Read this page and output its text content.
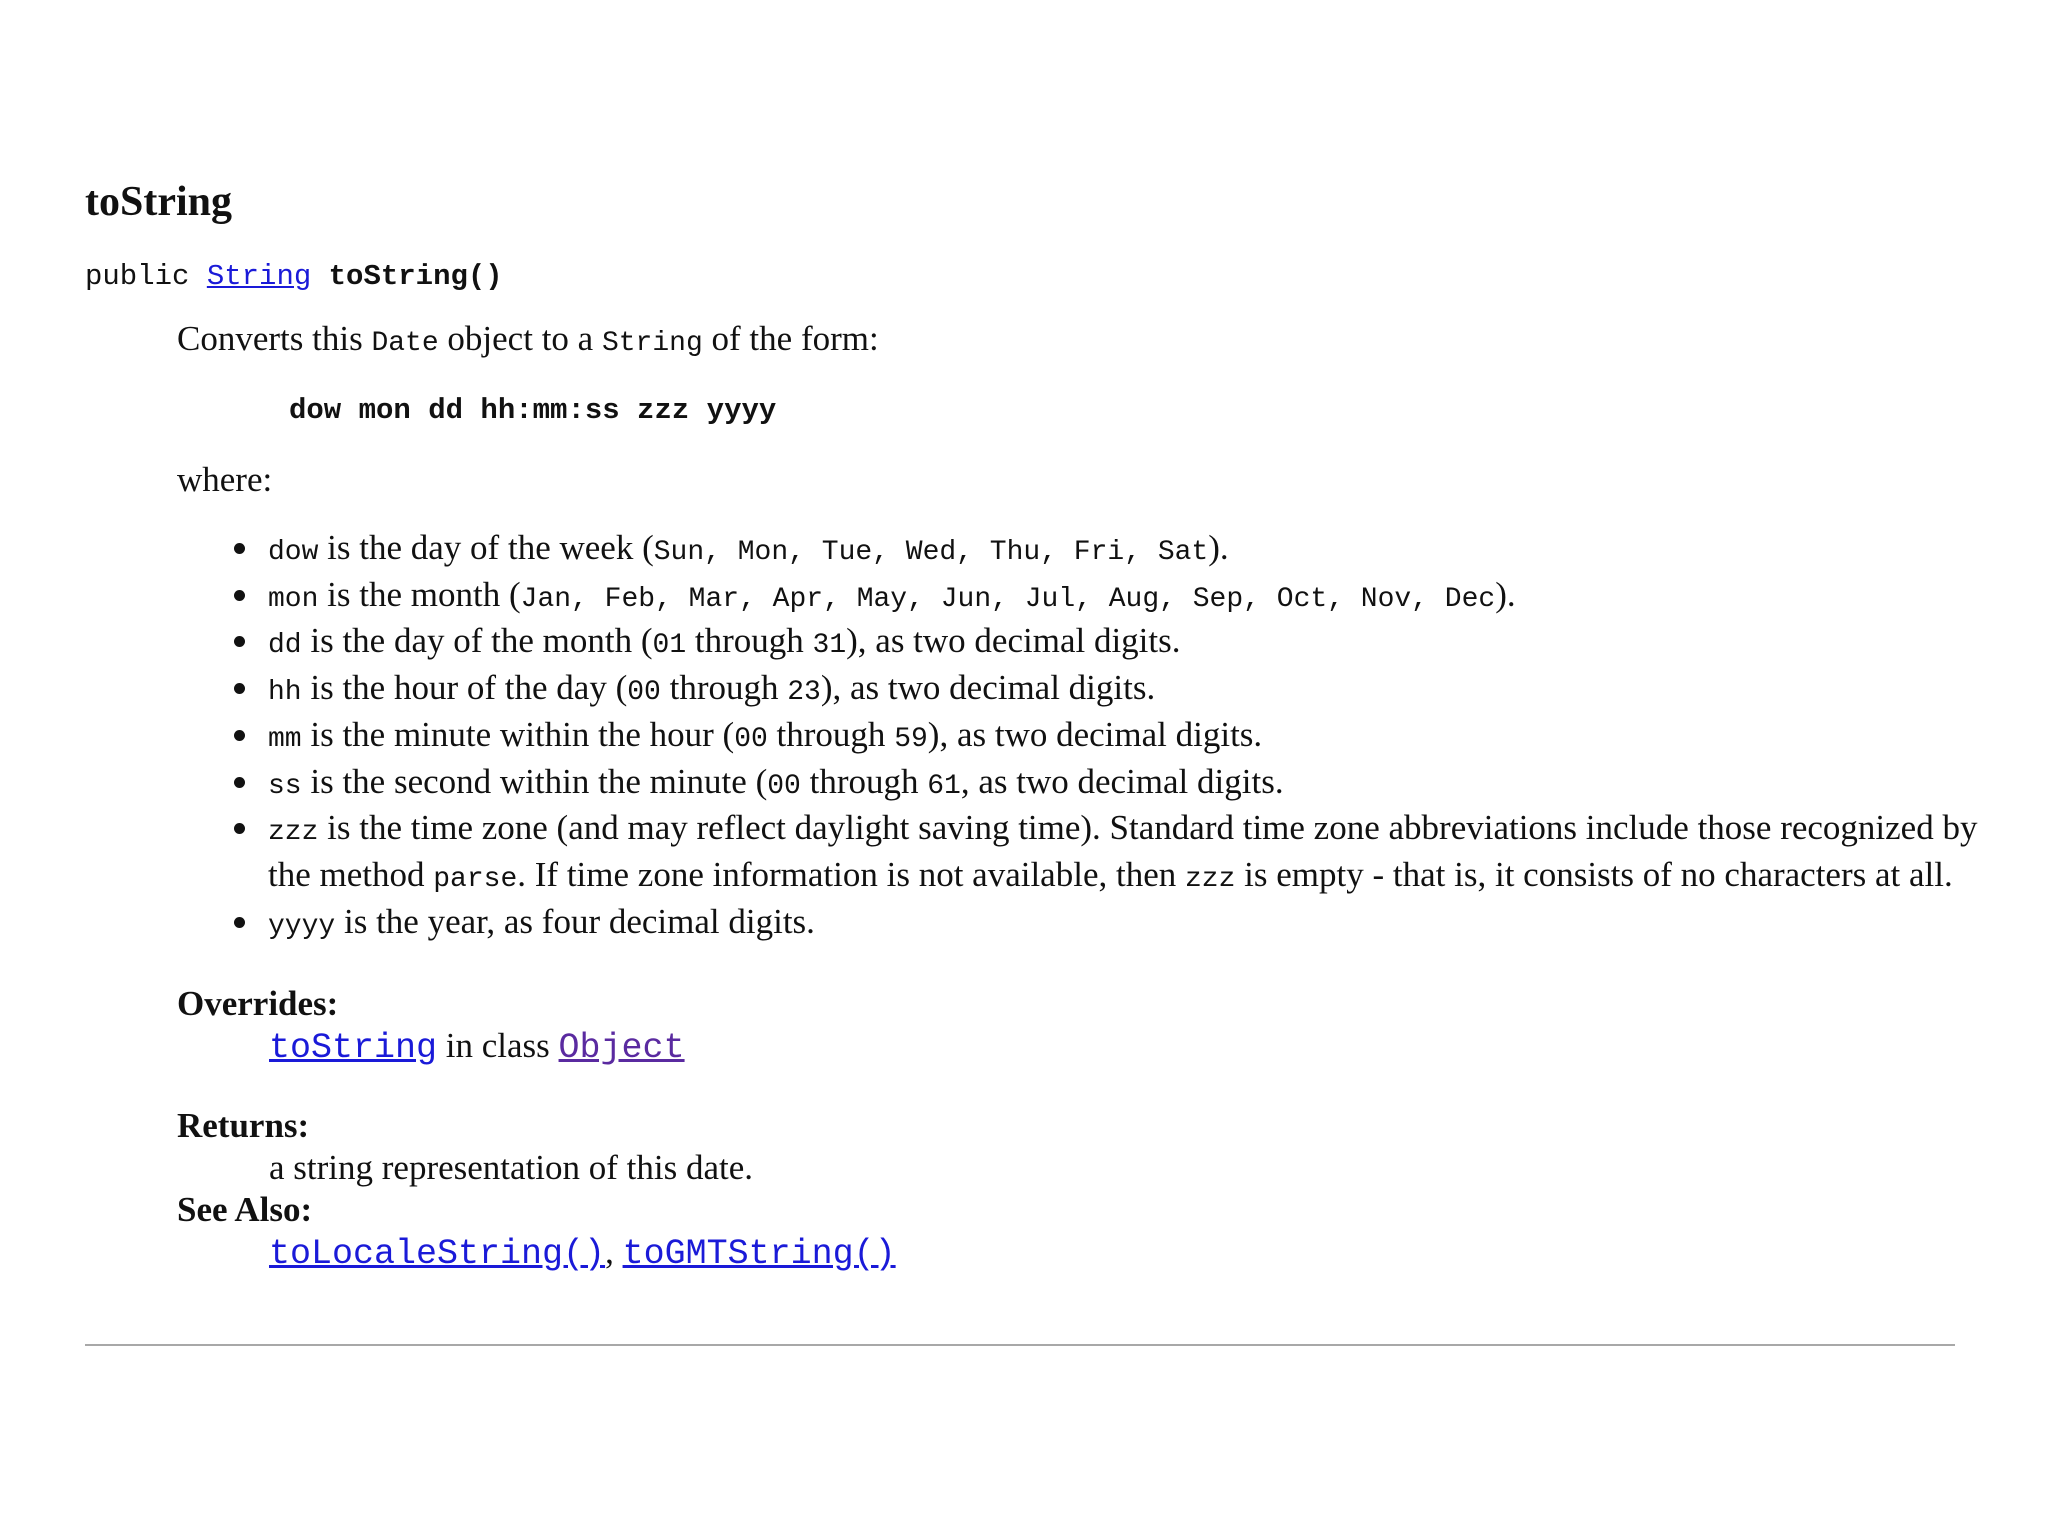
toString
public String toString()
Converts this Date object to a String of the form:
dow mon dd hh:mm:ss zzz yyyy
where:
dow is the day of the week (Sun, Mon, Tue, Wed, Thu, Fri, Sat).
mon is the month (Jan, Feb, Mar, Apr, May, Jun, Jul, Aug, Sep, Oct, Nov, Dec).
dd is the day of the month (01 through 31), as two decimal digits.
hh is the hour of the day (00 through 23), as two decimal digits.
mm is the minute within the hour (00 through 59), as two decimal digits.
ss is the second within the minute (00 through 61, as two decimal digits.
zzz is the time zone (and may reflect daylight saving time). Standard time zone abbreviations include those recognized by the method parse. If time zone information is not available, then zzz is empty - that is, it consists of no characters at all.
yyyy is the year, as four decimal digits.
Overrides:
toString in class Object
Returns:
a string representation of this date.
See Also:
toLocaleString(), toGMTString()
